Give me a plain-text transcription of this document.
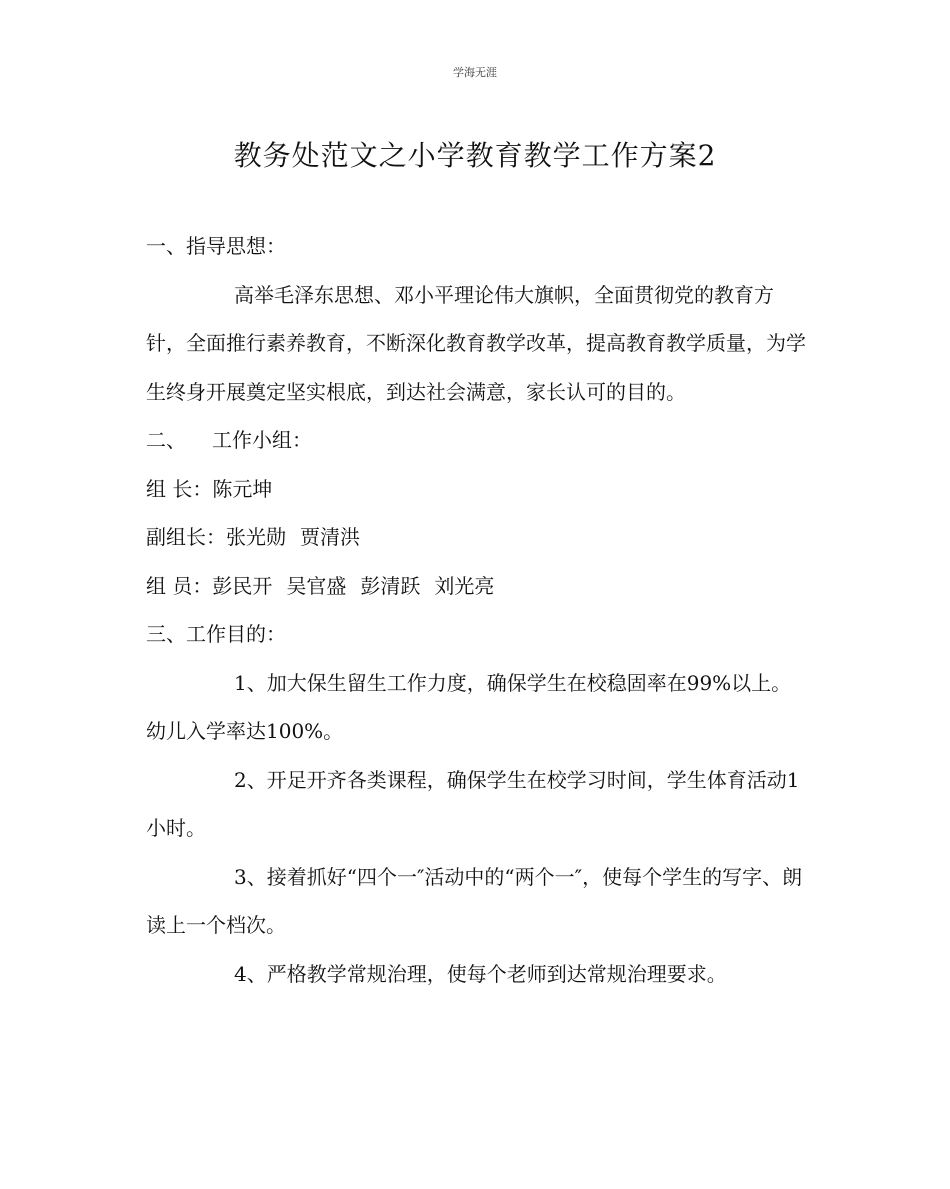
学海无涯
教务处范文之小学教育教学工作方案2

一、指导思想：

高举毛泽东思想、邓小平理论伟大旗帜，全面贯彻党的教育方针，全面推行素养教育，不断深化教育教学改革，提高教育教学质量，为学生终身开展奠定坚实根底，到达社会满意，家长认可的目的。

二、 工作小组：

组 长：陈元坤

副组长：张光勋 贾清洪

组 员：彭民开 吴官盛 彭清跃 刘光亮

三、工作目的：

1、加大保生留生工作力度，确保学生在校稳固率在99%以上。幼儿入学率达100%。

2、开足开齐各类课程，确保学生在校学习时间，学生体育活动1小时。

3、接着抓好“四个一″活动中的“两个一″，使每个学生的写字、朗读上一个档次。

4、严格教学常规治理，使每个老师到达常规治理要求。
